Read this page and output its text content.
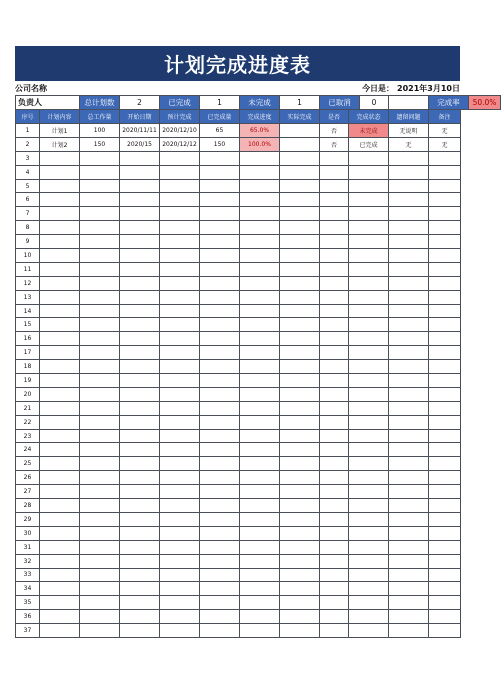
计划完成进度表
公司名称	今日是： 2021年3月10日
负责人	总计划数	2	已完成	1	未完成	1	已取消	0		完成率	50.0%
序号	计划内容	总工作量	开始日期	预计完成	已完成量	完成进度	实际完成	是否	完成状态	遗留问题	备注
1	计划1	100	2020/11/11	2020/12/10	65	65.0%		否	未完成	无说明	无
2	计划2	150	2020/15	2020/12/12	150	100.0%		否	已完成	无	无
3											
4											
5											
6											
7											
8											
9											
10											
11											
12											
13											
14											
15											
16											
17											
18											
19											
20											
21											
22											
23											
24											
25											
26											
27											
28											
29											
30											
31											
32											
33											
34											
35											
36											
37											
